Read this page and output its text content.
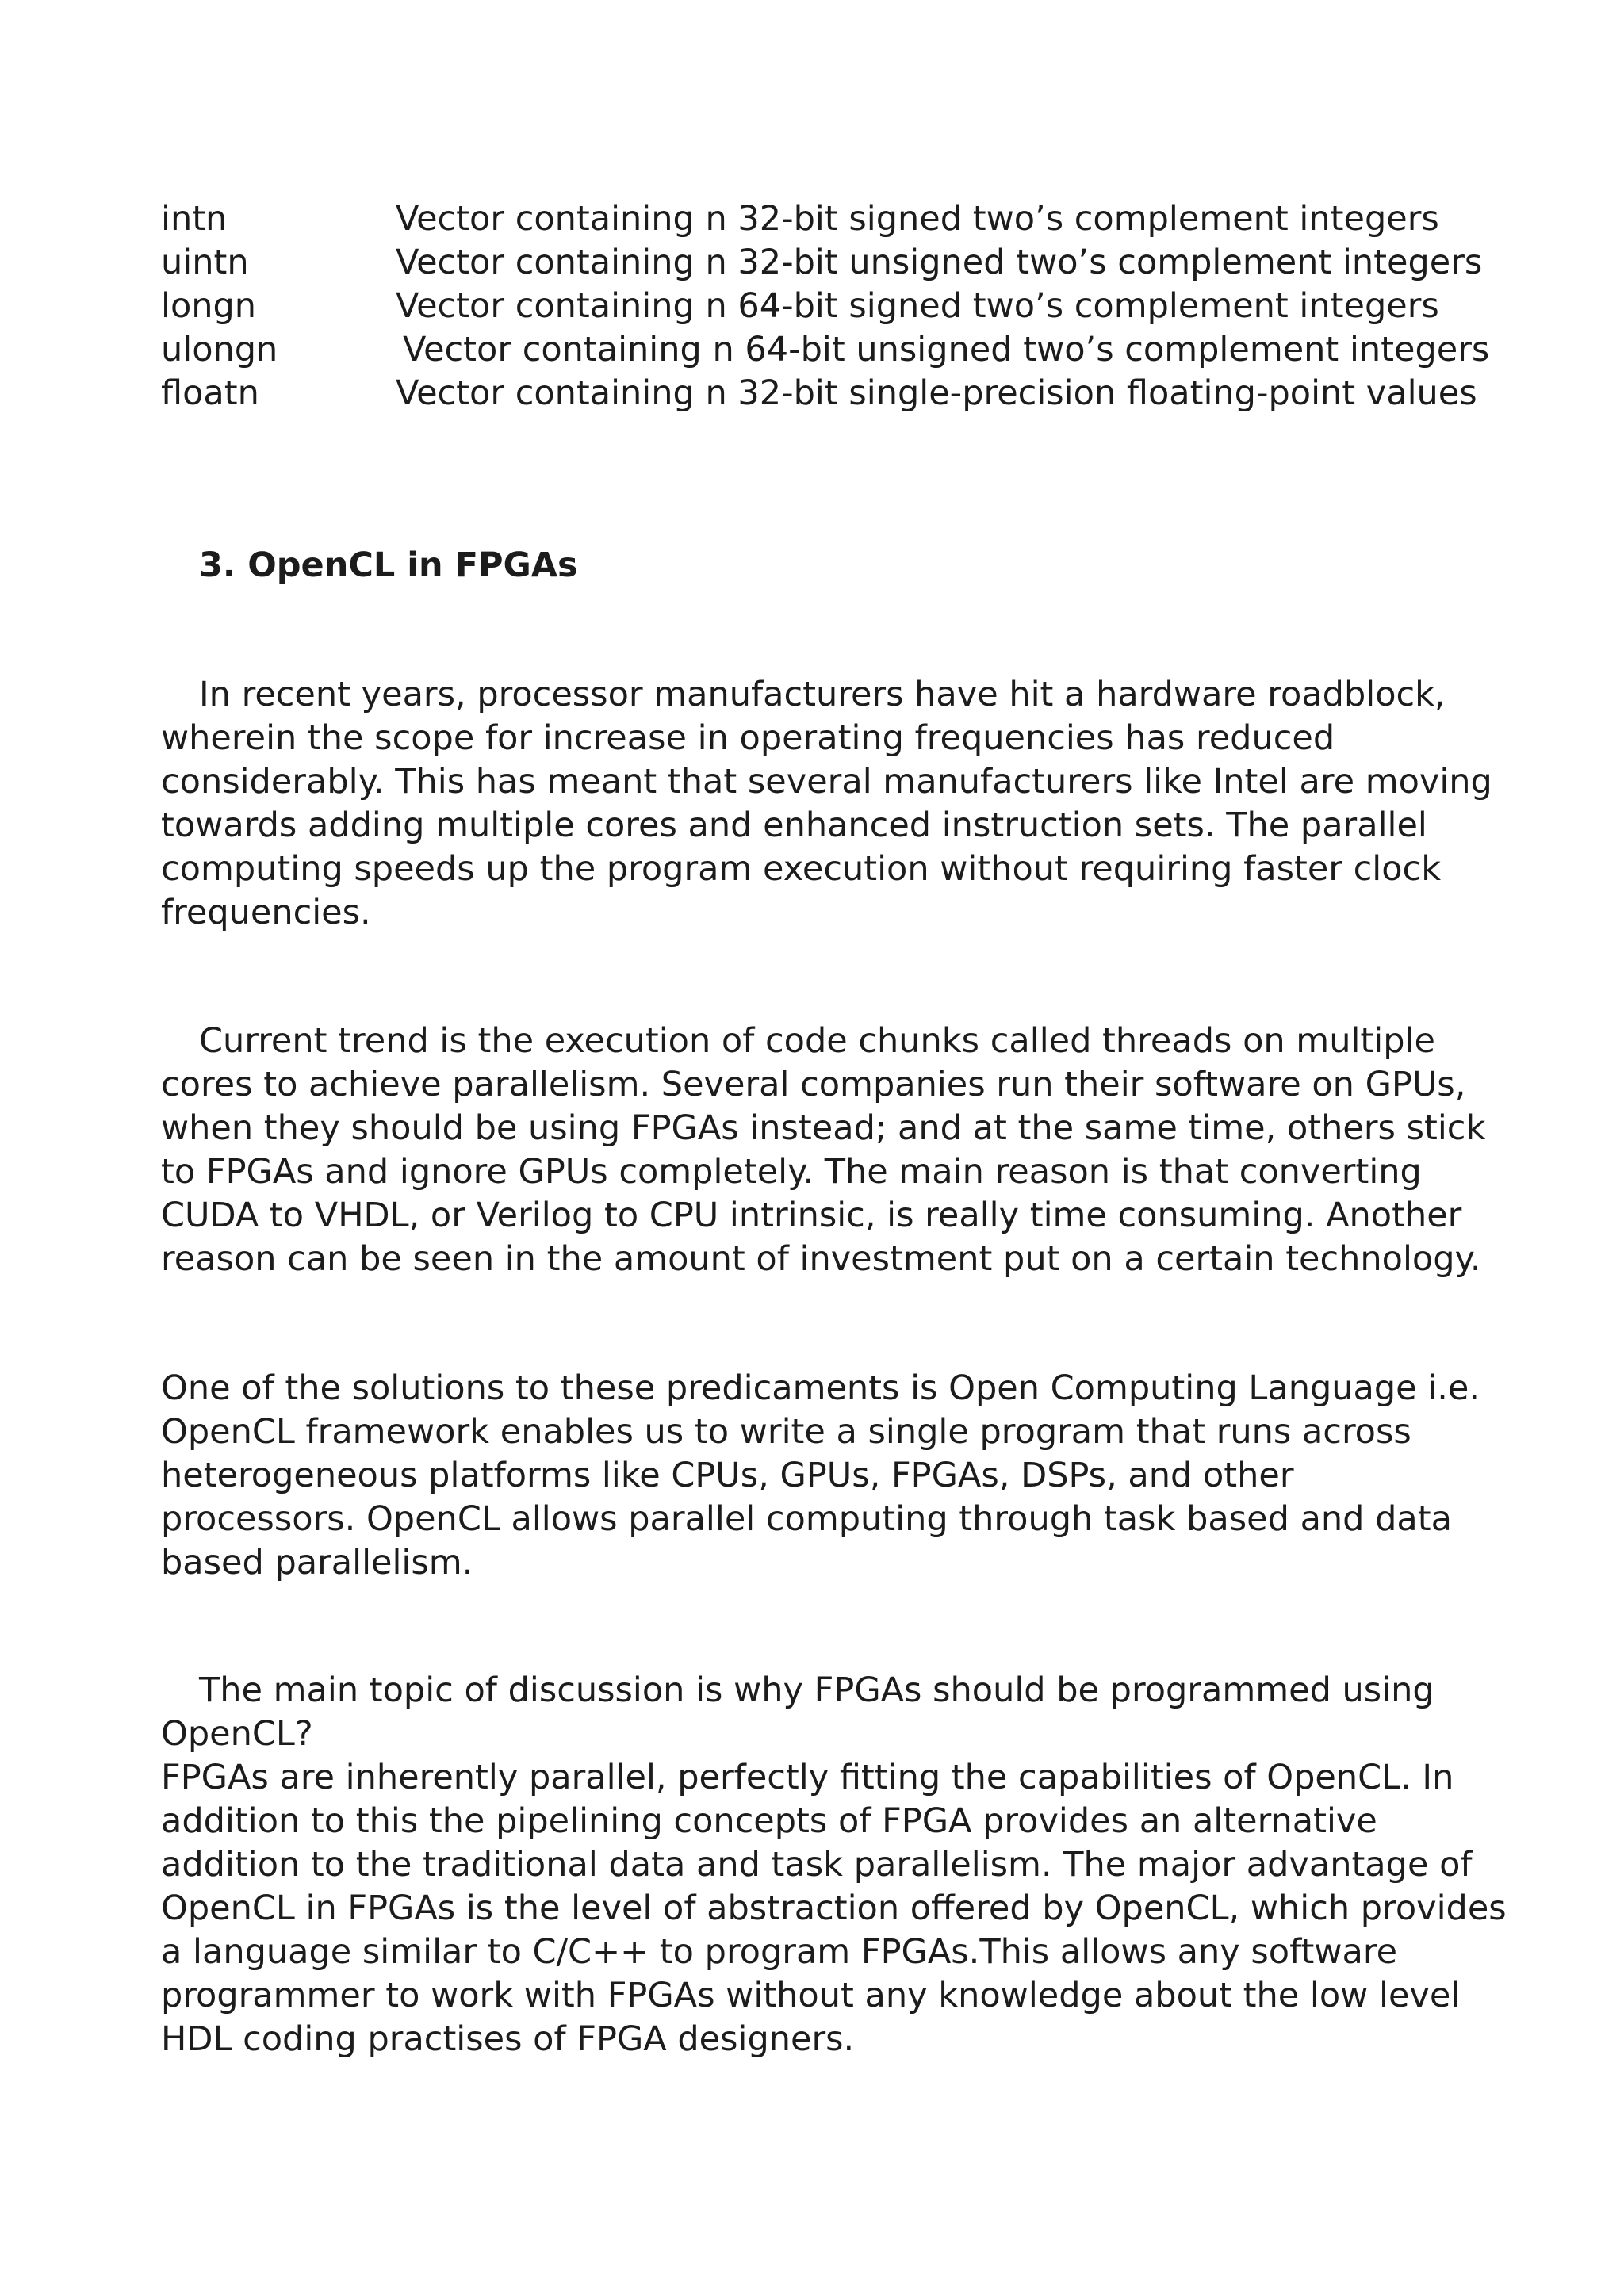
intn	Vector containing n 32-bit signed two’s complement integers
uintn	Vector containing n 32-bit unsigned two’s complement integers
longn	Vector containing n 64-bit signed two’s complement integers
ulongn	Vector containing n 64-bit unsigned two’s complement integers
floatn	Vector containing n 32-bit single-precision floating-point values
3. OpenCL in FPGAs
In recent years, processor manufacturers have hit a hardware roadblock,
wherein the scope for increase in operating frequencies has reduced
considerably. This has meant that several manufacturers like Intel are moving
towards adding multiple cores and enhanced instruction sets. The parallel
computing speeds up the program execution without requiring faster clock
frequencies.
Current trend is the execution of code chunks called threads on multiple
cores to achieve parallelism. Several companies run their software on GPUs,
when they should be using FPGAs instead; and at the same time, others stick
to FPGAs and ignore GPUs completely. The main reason is that converting
CUDA to VHDL, or Verilog to CPU intrinsic, is really time consuming. Another
reason can be seen in the amount of investment put on a certain technology.
One of the solutions to these predicaments is Open Computing Language i.e.
OpenCL framework enables us to write a single program that runs across
heterogeneous platforms like CPUs, GPUs, FPGAs, DSPs, and other
processors. OpenCL allows parallel computing through task based and data
based parallelism.
The main topic of discussion is why FPGAs should be programmed using
OpenCL?
FPGAs are inherently parallel, perfectly fitting the capabilities of OpenCL. In
addition to this the pipelining concepts of FPGA provides an alternative
addition to the traditional data and task parallelism. The major advantage of
OpenCL in FPGAs is the level of abstraction offered by OpenCL, which provides
a language similar to C/C++ to program FPGAs.This allows any software
programmer to work with FPGAs without any knowledge about the low level
HDL coding practises of FPGA designers.
